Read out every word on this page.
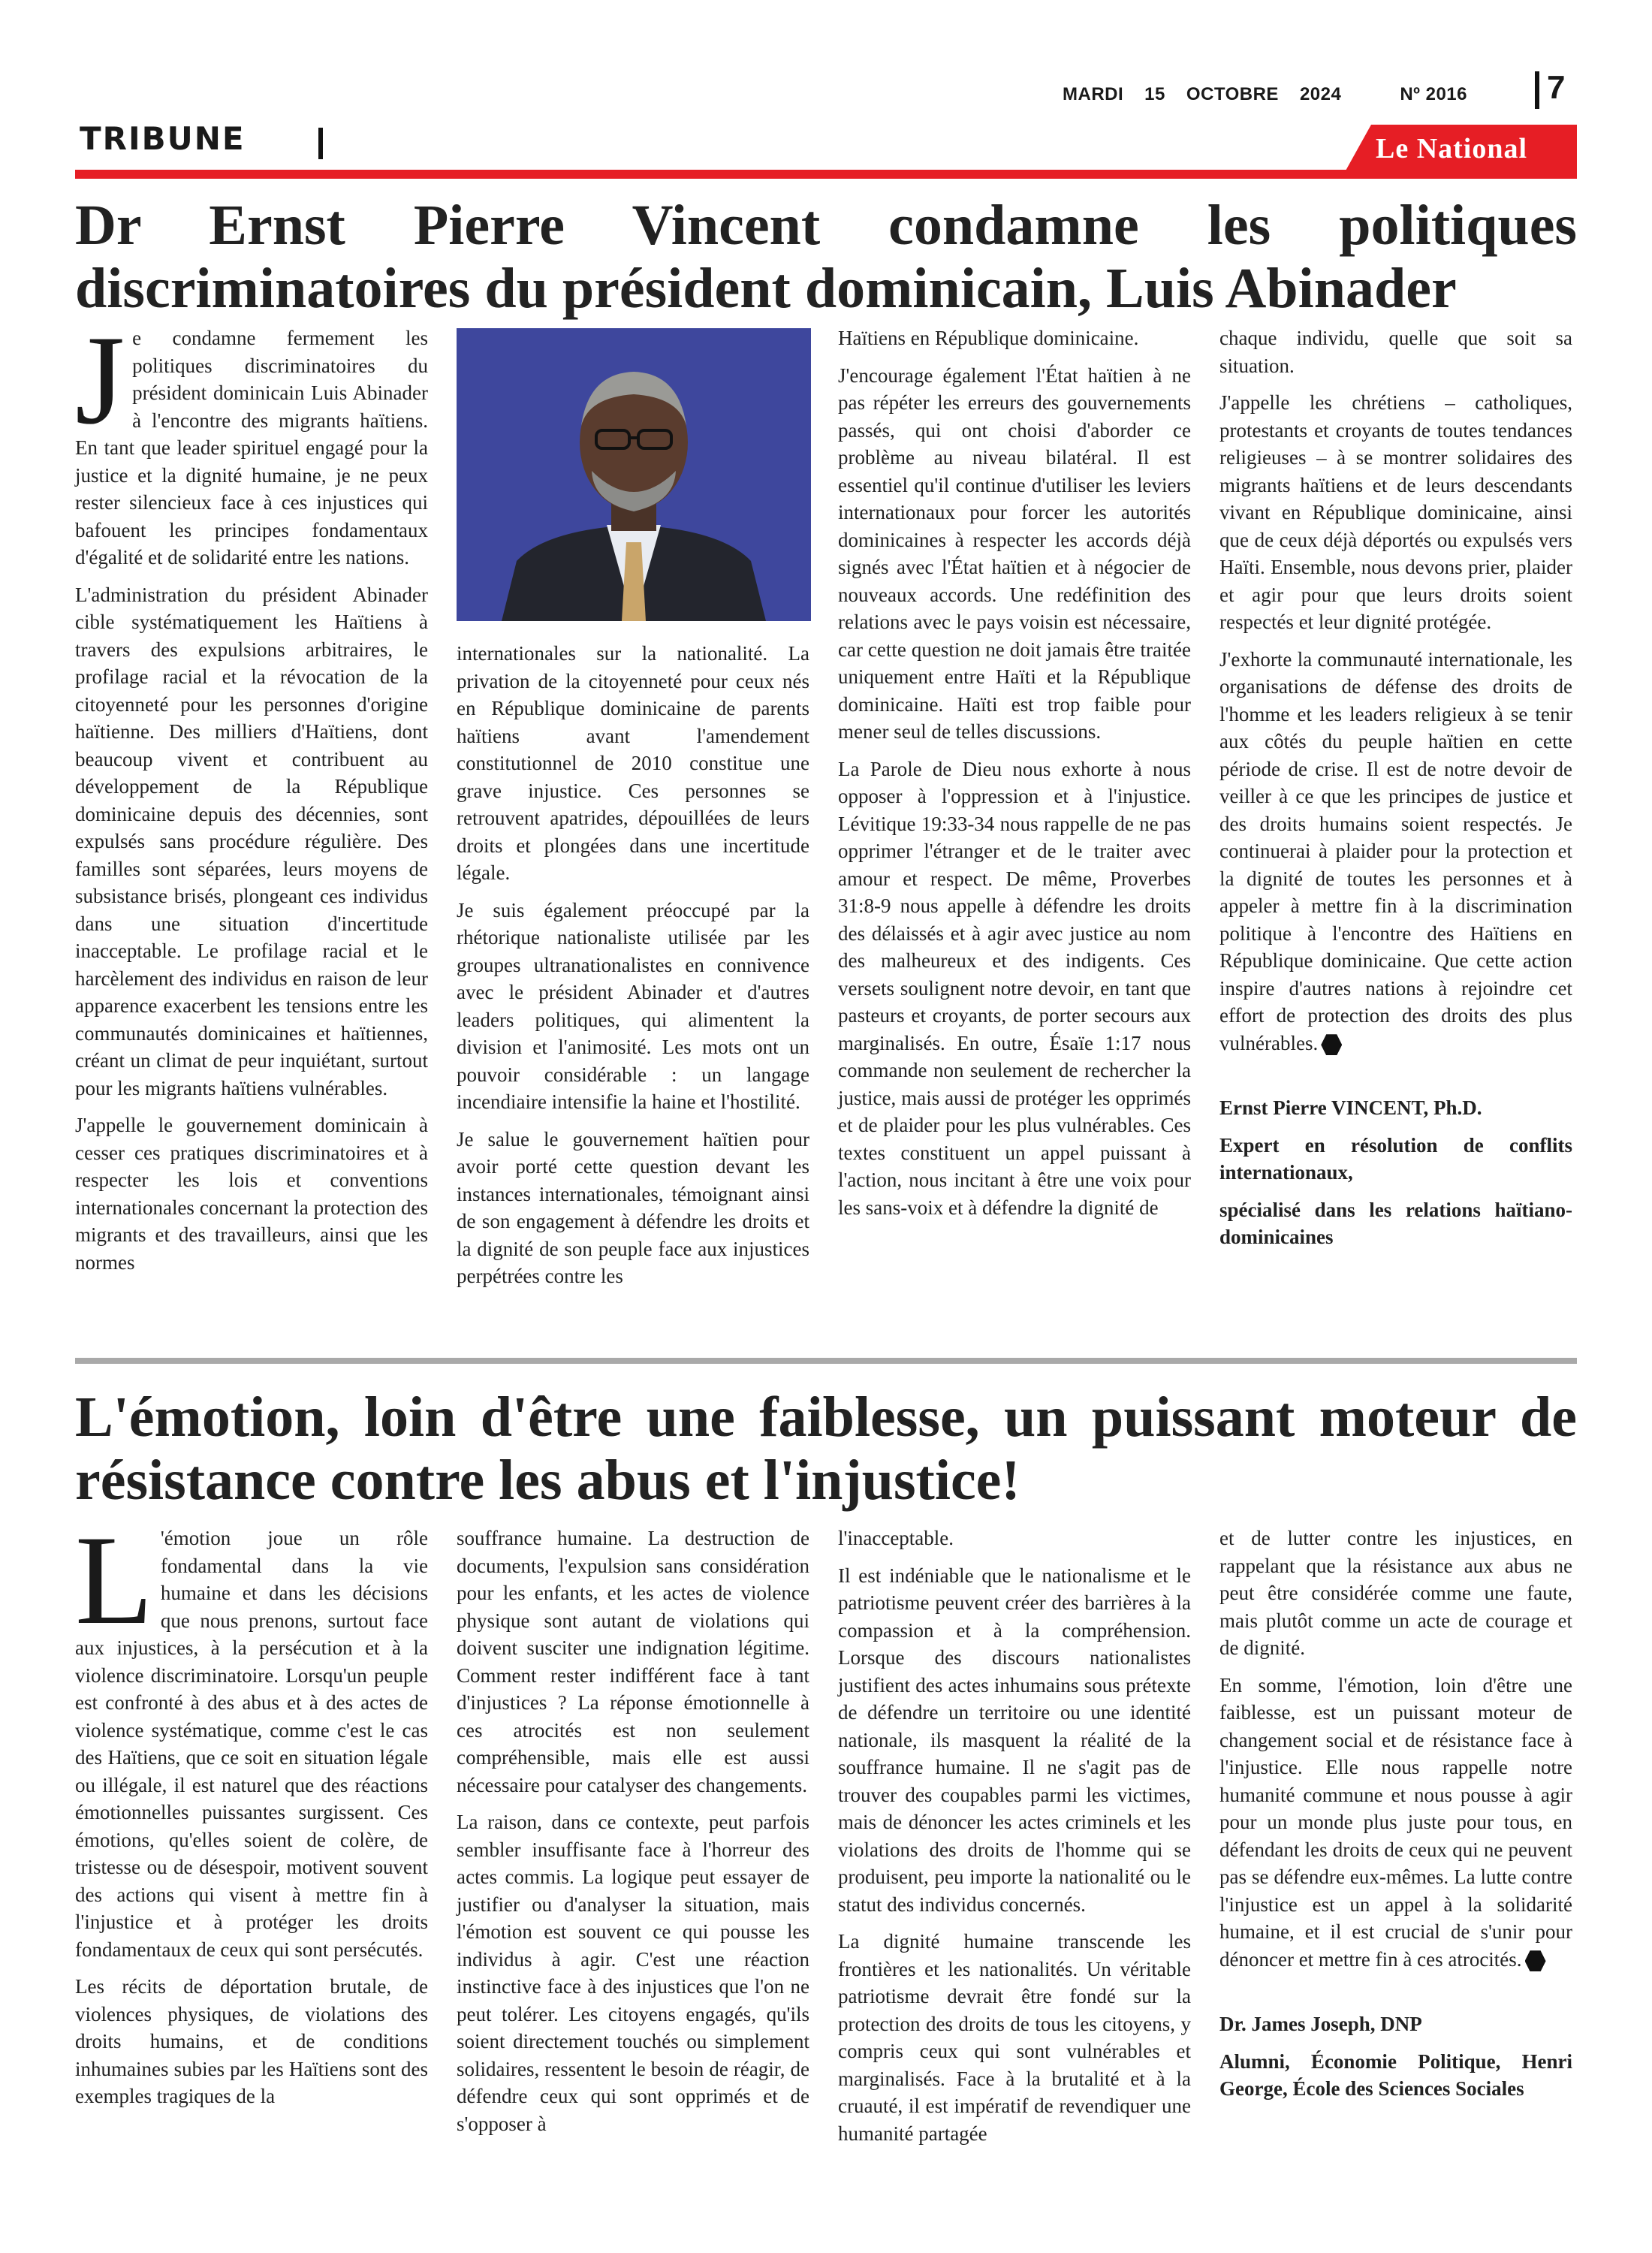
MARDI 15 OCTOBRE 2024	Nº 2016	7
TRIBUNE	Le National
Dr Ernst Pierre Vincent condamne les politiques discriminatoires du président dominicain, Luis Abinader

Je condamne fermement les politiques discriminatoires du président dominicain Luis Abinader à l'encontre des migrants haïtiens. En tant que leader spirituel engagé pour la justice et la dignité humaine, je ne peux rester silencieux face à ces injustices qui bafouent les principes fondamentaux d'égalité et de solidarité entre les nations.

L'administration du président Abinader cible systématiquement les Haïtiens à travers des expulsions arbitraires, le profilage racial et la révocation de la citoyenneté pour les personnes d'origine haïtienne. Des milliers d'Haïtiens, dont beaucoup vivent et contribuent au développement de la République dominicaine depuis des décennies, sont expulsés sans procédure régulière. Des familles sont séparées, leurs moyens de subsistance brisés, plongeant ces individus dans une situation d'incertitude inacceptable. Le profilage racial et le harcèlement des individus en raison de leur apparence exacerbent les tensions entre les communautés dominicaines et haïtiennes, créant un climat de peur inquiétant, surtout pour les migrants haïtiens vulnérables.

J'appelle le gouvernement dominicain à cesser ces pratiques discriminatoires et à respecter les lois et conventions internationales concernant la protection des migrants et des travailleurs, ainsi que les normes

internationales sur la nationalité. La privation de la citoyenneté pour ceux nés en République dominicaine de parents haïtiens avant l'amendement constitutionnel de 2010 constitue une grave injustice. Ces personnes se retrouvent apatrides, dépouillées de leurs droits et plongées dans une incertitude légale.

Je suis également préoccupé par la rhétorique nationaliste utilisée par les groupes ultranationalistes en connivence avec le président Abinader et d'autres leaders politiques, qui alimentent la division et l'animosité. Les mots ont un pouvoir considérable : un langage incendiaire intensifie la haine et l'hostilité.

Je salue le gouvernement haïtien pour avoir porté cette question devant les instances internationales, témoignant ainsi de son engagement à défendre les droits et la dignité de son peuple face aux injustices perpétrées contre les

Haïtiens en République dominicaine.

J'encourage également l'État haïtien à ne pas répéter les erreurs des gouvernements passés, qui ont choisi d'aborder ce problème au niveau bilatéral. Il est essentiel qu'il continue d'utiliser les leviers internationaux pour forcer les autorités dominicaines à respecter les accords déjà signés avec l'État haïtien et à négocier de nouveaux accords. Une redéfinition des relations avec le pays voisin est nécessaire, car cette question ne doit jamais être traitée uniquement entre Haïti et la République dominicaine. Haïti est trop faible pour mener seul de telles discussions.

La Parole de Dieu nous exhorte à nous opposer à l'oppression et à l'injustice. Lévitique 19:33-34 nous rappelle de ne pas opprimer l'étranger et de le traiter avec amour et respect. De même, Proverbes 31:8-9 nous appelle à défendre les droits des délaissés et à agir avec justice au nom des malheureux et des indigents. Ces versets soulignent notre devoir, en tant que pasteurs et croyants, de porter secours aux marginalisés. En outre, Ésaïe 1:17 nous commande non seulement de rechercher la justice, mais aussi de protéger les opprimés et de plaider pour les plus vulnérables. Ces textes constituent un appel puissant à l'action, nous incitant à être une voix pour les sans-voix et à défendre la dignité de

chaque individu, quelle que soit sa situation.

J'appelle les chrétiens – catholiques, protestants et croyants de toutes tendances religieuses – à se montrer solidaires des migrants haïtiens et de leurs descendants vivant en République dominicaine, ainsi que de ceux déjà déportés ou expulsés vers Haïti. Ensemble, nous devons prier, plaider et agir pour que leurs droits soient respectés et leur dignité protégée.

J'exhorte la communauté internationale, les organisations de défense des droits de l'homme et les leaders religieux à se tenir aux côtés du peuple haïtien en cette période de crise. Il est de notre devoir de veiller à ce que les principes de justice et des droits humains soient respectés. Je continuerai à plaider pour la protection et la dignité de toutes les personnes et à appeler à mettre fin à la discrimination politique à l'encontre des Haïtiens en République dominicaine. Que cette action inspire d'autres nations à rejoindre cet effort de protection des droits des plus vulnérables.

Ernst Pierre VINCENT, Ph.D.

Expert en résolution de conflits internationaux,

spécialisé dans les relations haïtiano-dominicaines

L'émotion, loin d'être une faiblesse, un puissant moteur de résistance contre les abus et l'injustice!

L 'émotion joue un rôle fondamental dans la vie humaine et dans les décisions que nous prenons, surtout face aux injustices, à la persécution et à la violence discriminatoire. Lorsqu'un peuple est confronté à des abus et à des actes de violence systématique, comme c'est le cas des Haïtiens, que ce soit en situation légale ou illégale, il est naturel que des réactions émotionnelles puissantes surgissent. Ces émotions, qu'elles soient de colère, de tristesse ou de désespoir, motivent souvent des actions qui visent à mettre fin à l'injustice et à protéger les droits fondamentaux de ceux qui sont persécutés.

Les récits de déportation brutale, de violences physiques, de violations des droits humains, et de conditions inhumaines subies par les Haïtiens sont des exemples tragiques de la

souffrance humaine. La destruction de documents, l'expulsion sans considération pour les enfants, et les actes de violence physique sont autant de violations qui doivent susciter une indignation légitime. Comment rester indifférent face à tant d'injustices ? La réponse émotionnelle à ces atrocités est non seulement compréhensible, mais elle est aussi nécessaire pour catalyser des changements.

La raison, dans ce contexte, peut parfois sembler insuffisante face à l'horreur des actes commis. La logique peut essayer de justifier ou d'analyser la situation, mais l'émotion est souvent ce qui pousse les individus à agir. C'est une réaction instinctive face à des injustices que l'on ne peut tolérer. Les citoyens engagés, qu'ils soient directement touchés ou simplement solidaires, ressentent le besoin de réagir, de défendre ceux qui sont opprimés et de s'opposer à

l'inacceptable.

Il est indéniable que le nationalisme et le patriotisme peuvent créer des barrières à la compassion et à la compréhension. Lorsque des discours nationalistes justifient des actes inhumains sous prétexte de défendre un territoire ou une identité nationale, ils masquent la réalité de la souffrance humaine. Il ne s'agit pas de trouver des coupables parmi les victimes, mais de dénoncer les actes criminels et les violations des droits de l'homme qui se produisent, peu importe la nationalité ou le statut des individus concernés.

La dignité humaine transcende les frontières et les nationalités. Un véritable patriotisme devrait être fondé sur la protection des droits de tous les citoyens, y compris ceux qui sont vulnérables et marginalisés. Face à la brutalité et à la cruauté, il est impératif de revendiquer une humanité partagée

et de lutter contre les injustices, en rappelant que la résistance aux abus ne peut être considérée comme une faute, mais plutôt comme un acte de courage et de dignité.

En somme, l'émotion, loin d'être une faiblesse, est un puissant moteur de changement social et de résistance face à l'injustice. Elle nous rappelle notre humanité commune et nous pousse à agir pour un monde plus juste pour tous, en défendant les droits de ceux qui ne peuvent pas se défendre eux-mêmes. La lutte contre l'injustice est un appel à la solidarité humaine, et il est crucial de s'unir pour dénoncer et mettre fin à ces atrocités.

Dr. James Joseph, DNP

Alumni, Économie Politique, Henri George, École des Sciences Sociales
